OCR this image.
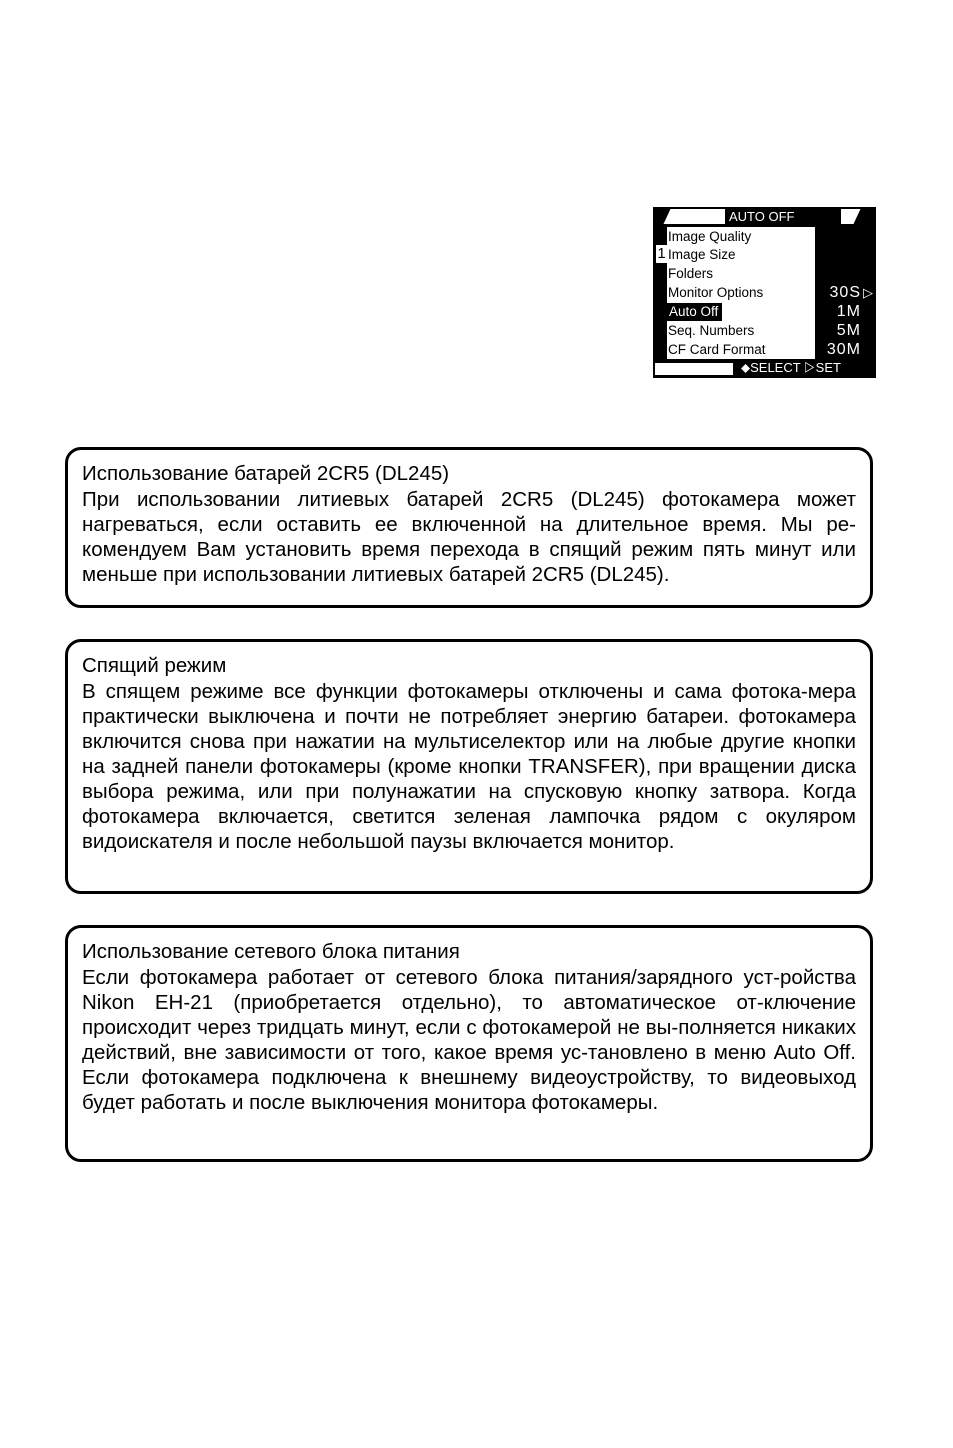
AUTO OFF
1
Image Quality
Image Size
Folders
Monitor Options
Auto Off
Seq. Numbers
CF Card Format
30S ▷
1M
5M
30M
⬥SELECT ▷SET
Использование батарей 2CR5 (DL245)

При использовании литиевых батарей 2CR5 (DL245) фотокамера может нагреваться, если оставить ее включенной на длительное время. Мы ре-комендуем Вам установить время перехода в спящий режим пять минут или меньше при использовании литиевых батарей 2CR5 (DL245).

Спящий режим

В спящем режиме все функции фотокамеры отключены и сама фотока-мера практически выключена и почти не потребляет энергию батареи. фотокамера включится снова при нажатии на мультиселектор или на любые другие кнопки на задней панели фотокамеры (кроме кнопки TRANSFER), при вращении диска выбора режима, или при полунажатии на спусковую кнопку затвора. Когда фотокамера включается, светится зеленая лампочка рядом с окуляром видоискателя и после небольшой паузы включается монитор.

Использование сетевого блока питания

Если фотокамера работает от сетевого блока питания/зарядного уст-ройства Nikon EH-21 (приобретается отдельно), то автоматическое от-ключение происходит через тридцать минут, если с фотокамерой не вы-полняется никаких действий, вне зависимости от того, какое время ус-тановлено в меню Auto Off. Если фотокамера подключена к внешнему видеоустройству, то видеовыход будет работать и после выключения монитора фотокамеры.
